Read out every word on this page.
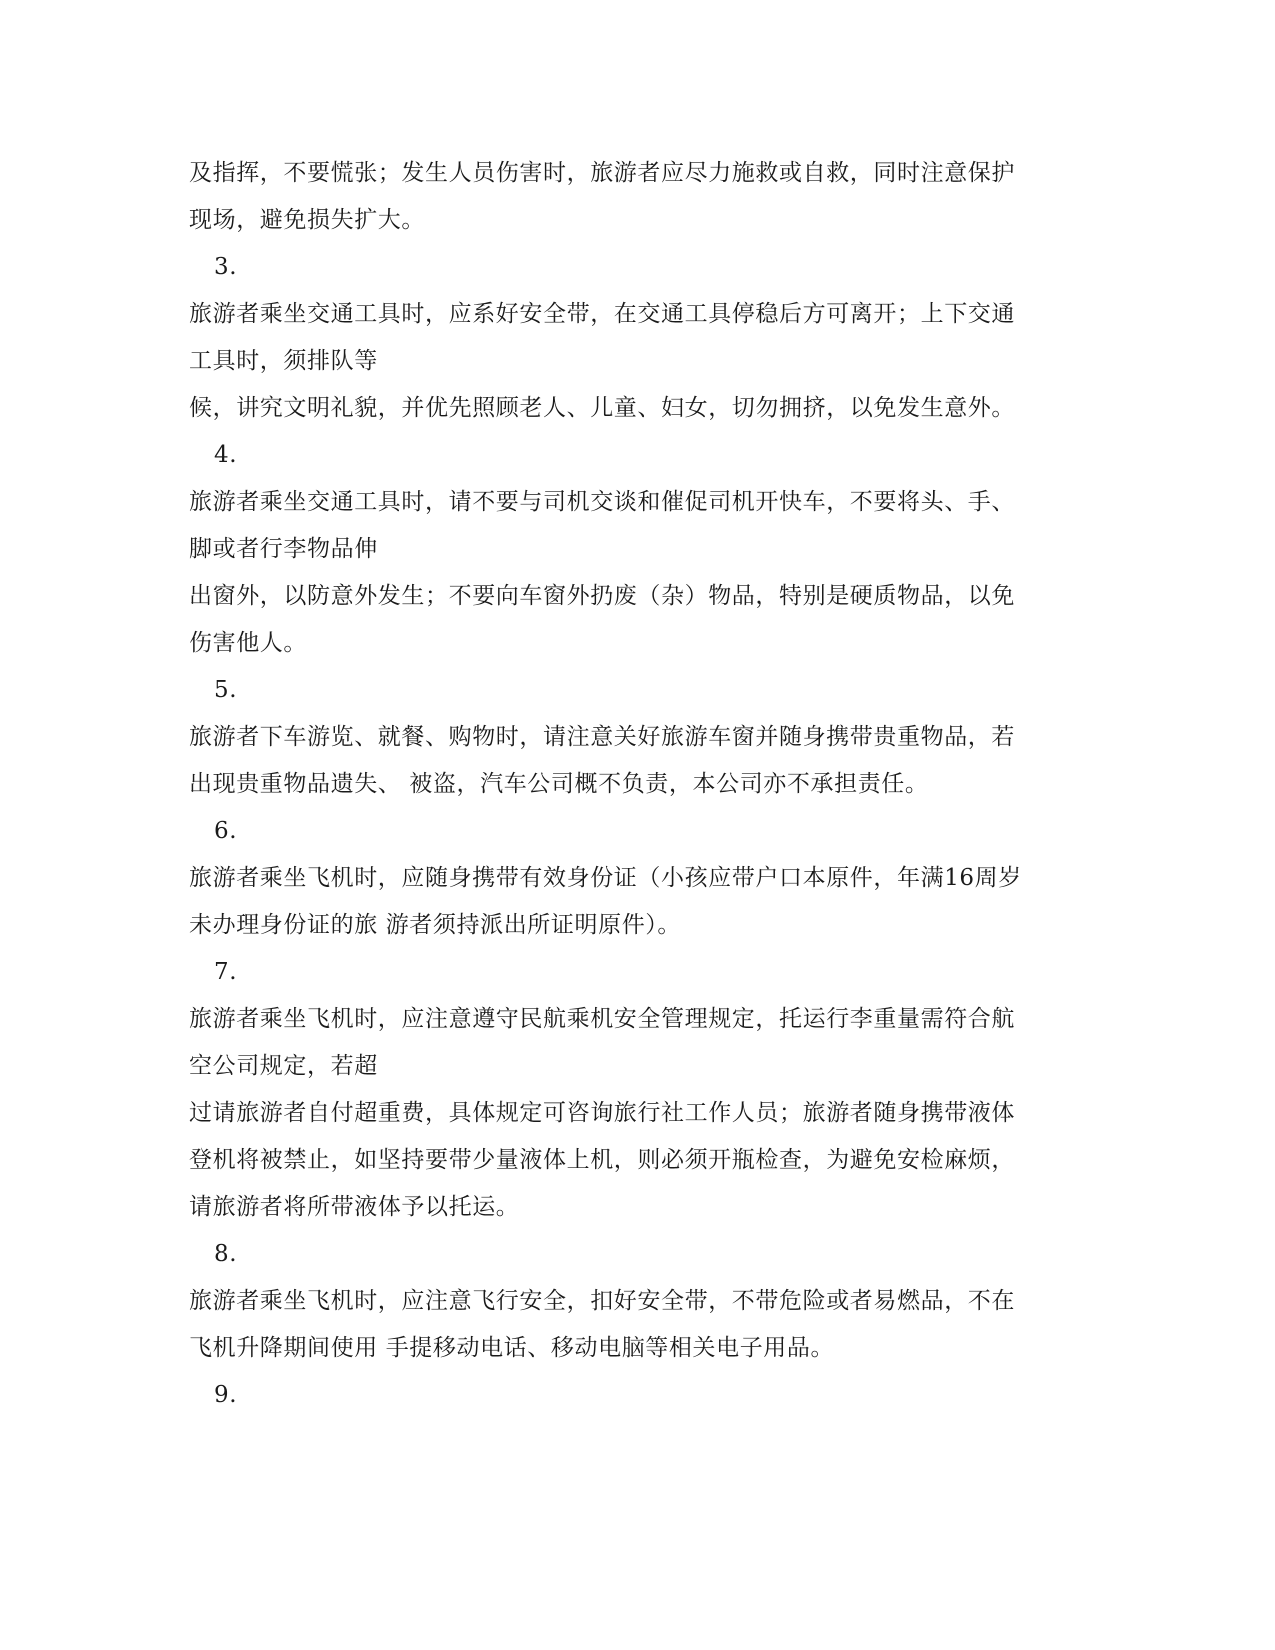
及指挥，不要慌张；发生人员伤害时，旅游者应尽力施救或自救，同时注意保护
现场，避免损失扩大。
3.
旅游者乘坐交通工具时，应系好安全带，在交通工具停稳后方可离开；上下交通
工具时，须排队等
候，讲究文明礼貌，并优先照顾老人、儿童、妇女，切勿拥挤，以免发生意外。
4.
旅游者乘坐交通工具时，请不要与司机交谈和催促司机开快车，不要将头、手、
脚或者行李物品伸
出窗外，以防意外发生；不要向车窗外扔废（杂）物品，特别是硬质物品，以免
伤害他人。
5.
旅游者下车游览、就餐、购物时，请注意关好旅游车窗并随身携带贵重物品，若
出现贵重物品遗失、 被盗，汽车公司概不负责，本公司亦不承担责任。
6.
旅游者乘坐飞机时，应随身携带有效身份证（小孩应带户口本原件，年满16周岁
未办理身份证的旅 游者须持派出所证明原件）。
7.
旅游者乘坐飞机时，应注意遵守民航乘机安全管理规定，托运行李重量需符合航
空公司规定，若超
过请旅游者自付超重费，具体规定可咨询旅行社工作人员；旅游者随身携带液体
登机将被禁止，如坚持要带少量液体上机，则必须开瓶检查，为避免安检麻烦，
请旅游者将所带液体予以托运。
8.
旅游者乘坐飞机时，应注意飞行安全，扣好安全带，不带危险或者易燃品，不在
飞机升降期间使用 手提移动电话、移动电脑等相关电子用品。
9.
